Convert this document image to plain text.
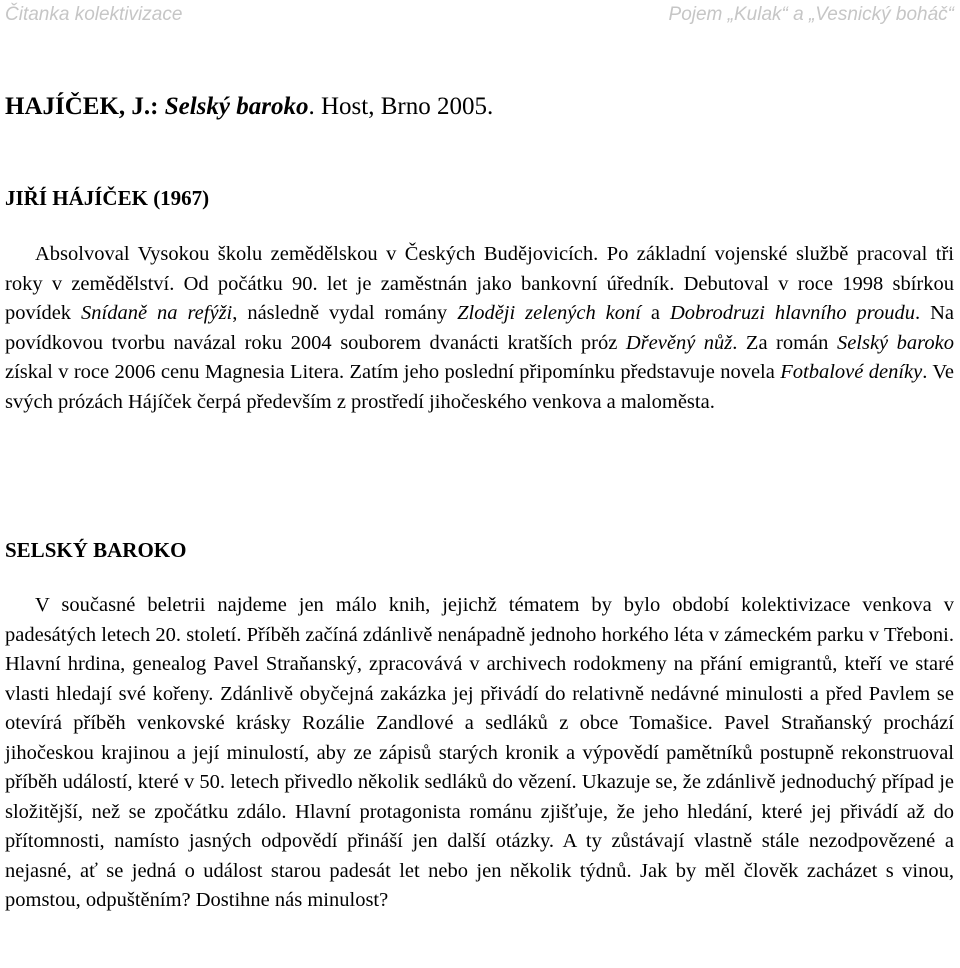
Čitanka kolektivizace	Pojem „Kulak“ a „Vesnický boháč“
HAJÍČEK, J.: Selský baroko. Host, Brno 2005.
JIŘÍ HÁJÍČEK (1967)

Absolvoval Vysokou školu zemědělskou v Českých Budějovicích. Po základní vojenské službě pracoval tři roky v zemědělství. Od počátku 90. let je zaměstnán jako bankovní úředník. Debutoval v roce 1998 sbírkou povídek Snídaně na refýži, následně vydal romány Zloději zelených koní a Dobrodruzi hlavního proudu. Na povídkovou tvorbu navázal roku 2004 souborem dvanácti kratších próz Dřevěný nůž. Za román Selský baroko získal v roce 2006 cenu Magnesia Litera. Zatím jeho poslední připomínku představuje novela Fotbalové deníky. Ve svých prózách Hájíček čerpá především z prostředí jihočeského venkova a maloměsta.

SELSKÝ BAROKO

V současné beletrii najdeme jen málo knih, jejichž tématem by bylo období kolektivizace venkova v padesátých letech 20. století. Příběh začíná zdánlivě nenápadně jednoho horkého léta v zámeckém parku v Třeboni. Hlavní hrdina, genealog Pavel Straňanský, zpracovává v archivech rodokmeny na přání emigrantů, kteří ve staré vlasti hledají své kořeny. Zdánlivě obyčejná zakázka jej přivádí do relativně nedávné minulosti a před Pavlem se otevírá příběh venkovské krásky Rozálie Zandlové a sedláků z obce Tomašice. Pavel Straňanský prochází jihočeskou krajinou a její minulostí, aby ze zápisů starých kronik a výpovědí pamětníků postupně rekonstruoval příběh událostí, které v 50. letech přivedlo několik sedláků do vězení. Ukazuje se, že zdánlivě jednoduchý případ je složitější, než se zpočátku zdálo. Hlavní protagonista románu zjišťuje, že jeho hledání, které jej přivádí až do přítomnosti, namísto jasných odpovědí přináší jen další otázky. A ty zůstávají vlastně stále nezodpovězené a nejasné, ať se jedná o událost starou padesát let nebo jen několik týdnů. Jak by měl člověk zacházet s vinou, pomstou, odpuštěním? Dostihne nás minulost?
